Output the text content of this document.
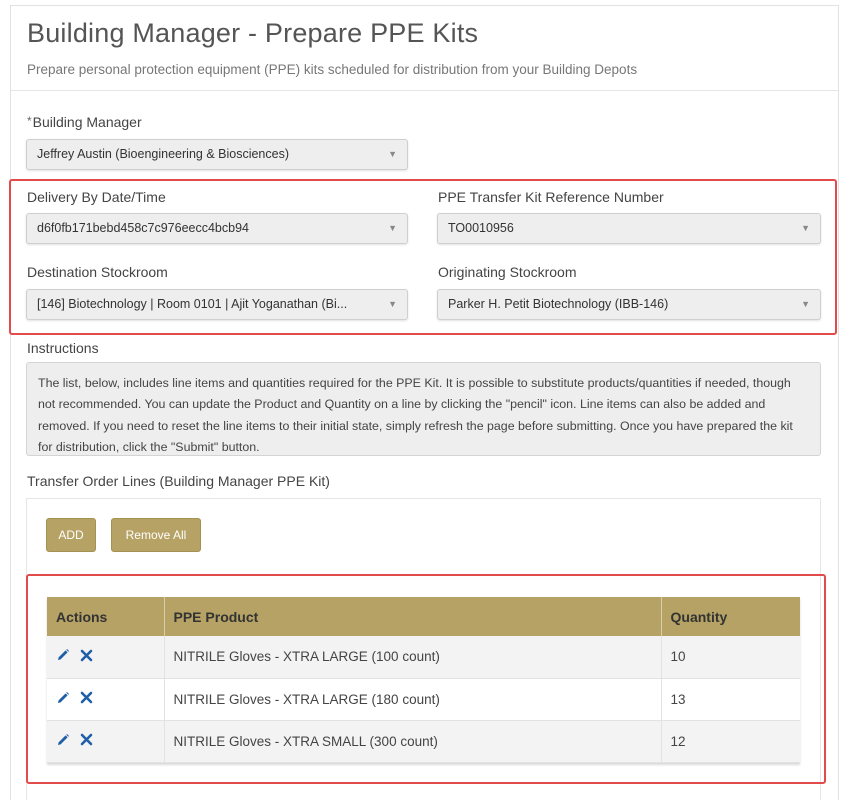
Building Manager - Prepare PPE Kits

Prepare personal protection equipment (PPE) kits scheduled for distribution from your Building Depots

*Building Manager
Jeffrey Austin (Bioengineering & Biosciences)	▼
Delivery By Date/Time
d6f0fb171bebd458c7c976eecc4bcb94	▼
PPE Transfer Kit Reference Number
TO0010956	▼
Destination Stockroom
[146] Biotechnology | Room 0101 | Ajit Yoganathan (Bi...	▼
Originating Stockroom
Parker H. Petit Biotechnology (IBB-146)	▼
Instructions
The list, below, includes line items and quantities required for the PPE Kit. It is possible to substitute products/quantities if needed, though not recommended. You can update the Product and Quantity on a line by clicking the "pencil" icon. Line items can also be added and removed. If you need to reset the line items to their initial state, simply refresh the page before submitting. Once you have prepared the kit for distribution, click the "Submit" button.
Transfer Order Lines (Building Manager PPE Kit)
ADD	Remove All
Actions	PPE Product	Quantity
	NITRILE Gloves - XTRA LARGE (100 count)	10
	NITRILE Gloves - XTRA LARGE (180 count)	13
	NITRILE Gloves - XTRA SMALL (300 count)	12
